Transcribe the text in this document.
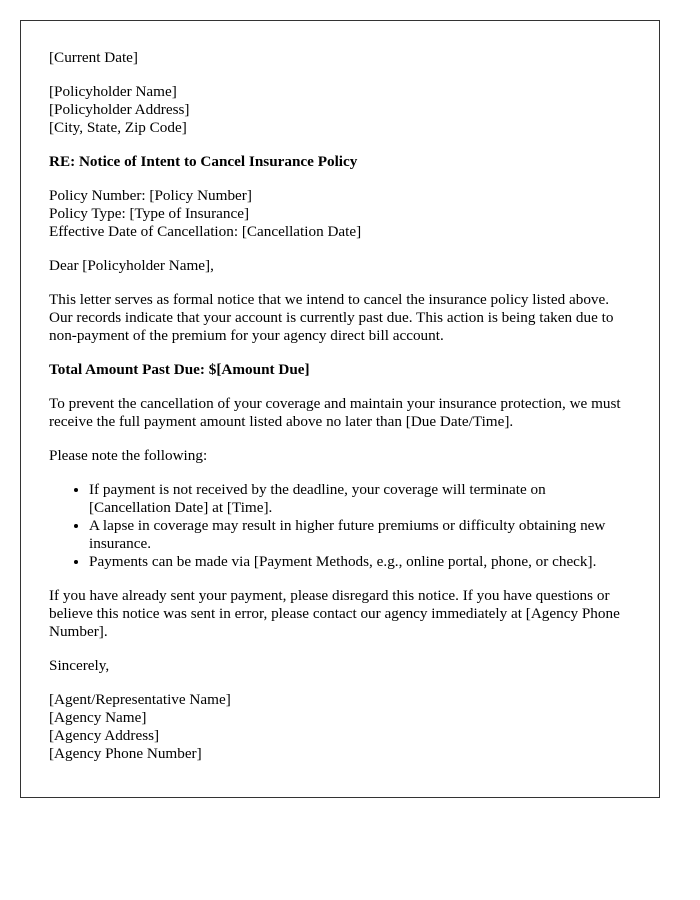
[Current Date]

[Policyholder Name]
[Policyholder Address]
[City, State, Zip Code]

RE: Notice of Intent to Cancel Insurance Policy

Policy Number: [Policy Number]
Policy Type: [Type of Insurance]
Effective Date of Cancellation: [Cancellation Date]

Dear [Policyholder Name],

This letter serves as formal notice that we intend to cancel the insurance policy listed above. Our records indicate that your account is currently past due. This action is being taken due to non-payment of the premium for your agency direct bill account.

Total Amount Past Due: $[Amount Due]

To prevent the cancellation of your coverage and maintain your insurance protection, we must receive the full payment amount listed above no later than [Due Date/Time].

Please note the following:

• If payment is not received by the deadline, your coverage will terminate on [Cancellation Date] at [Time].
• A lapse in coverage may result in higher future premiums or difficulty obtaining new insurance.
• Payments can be made via [Payment Methods, e.g., online portal, phone, or check].

If you have already sent your payment, please disregard this notice. If you have questions or believe this notice was sent in error, please contact our agency immediately at [Agency Phone Number].

Sincerely,

[Agent/Representative Name]
[Agency Name]
[Agency Address]
[Agency Phone Number]
